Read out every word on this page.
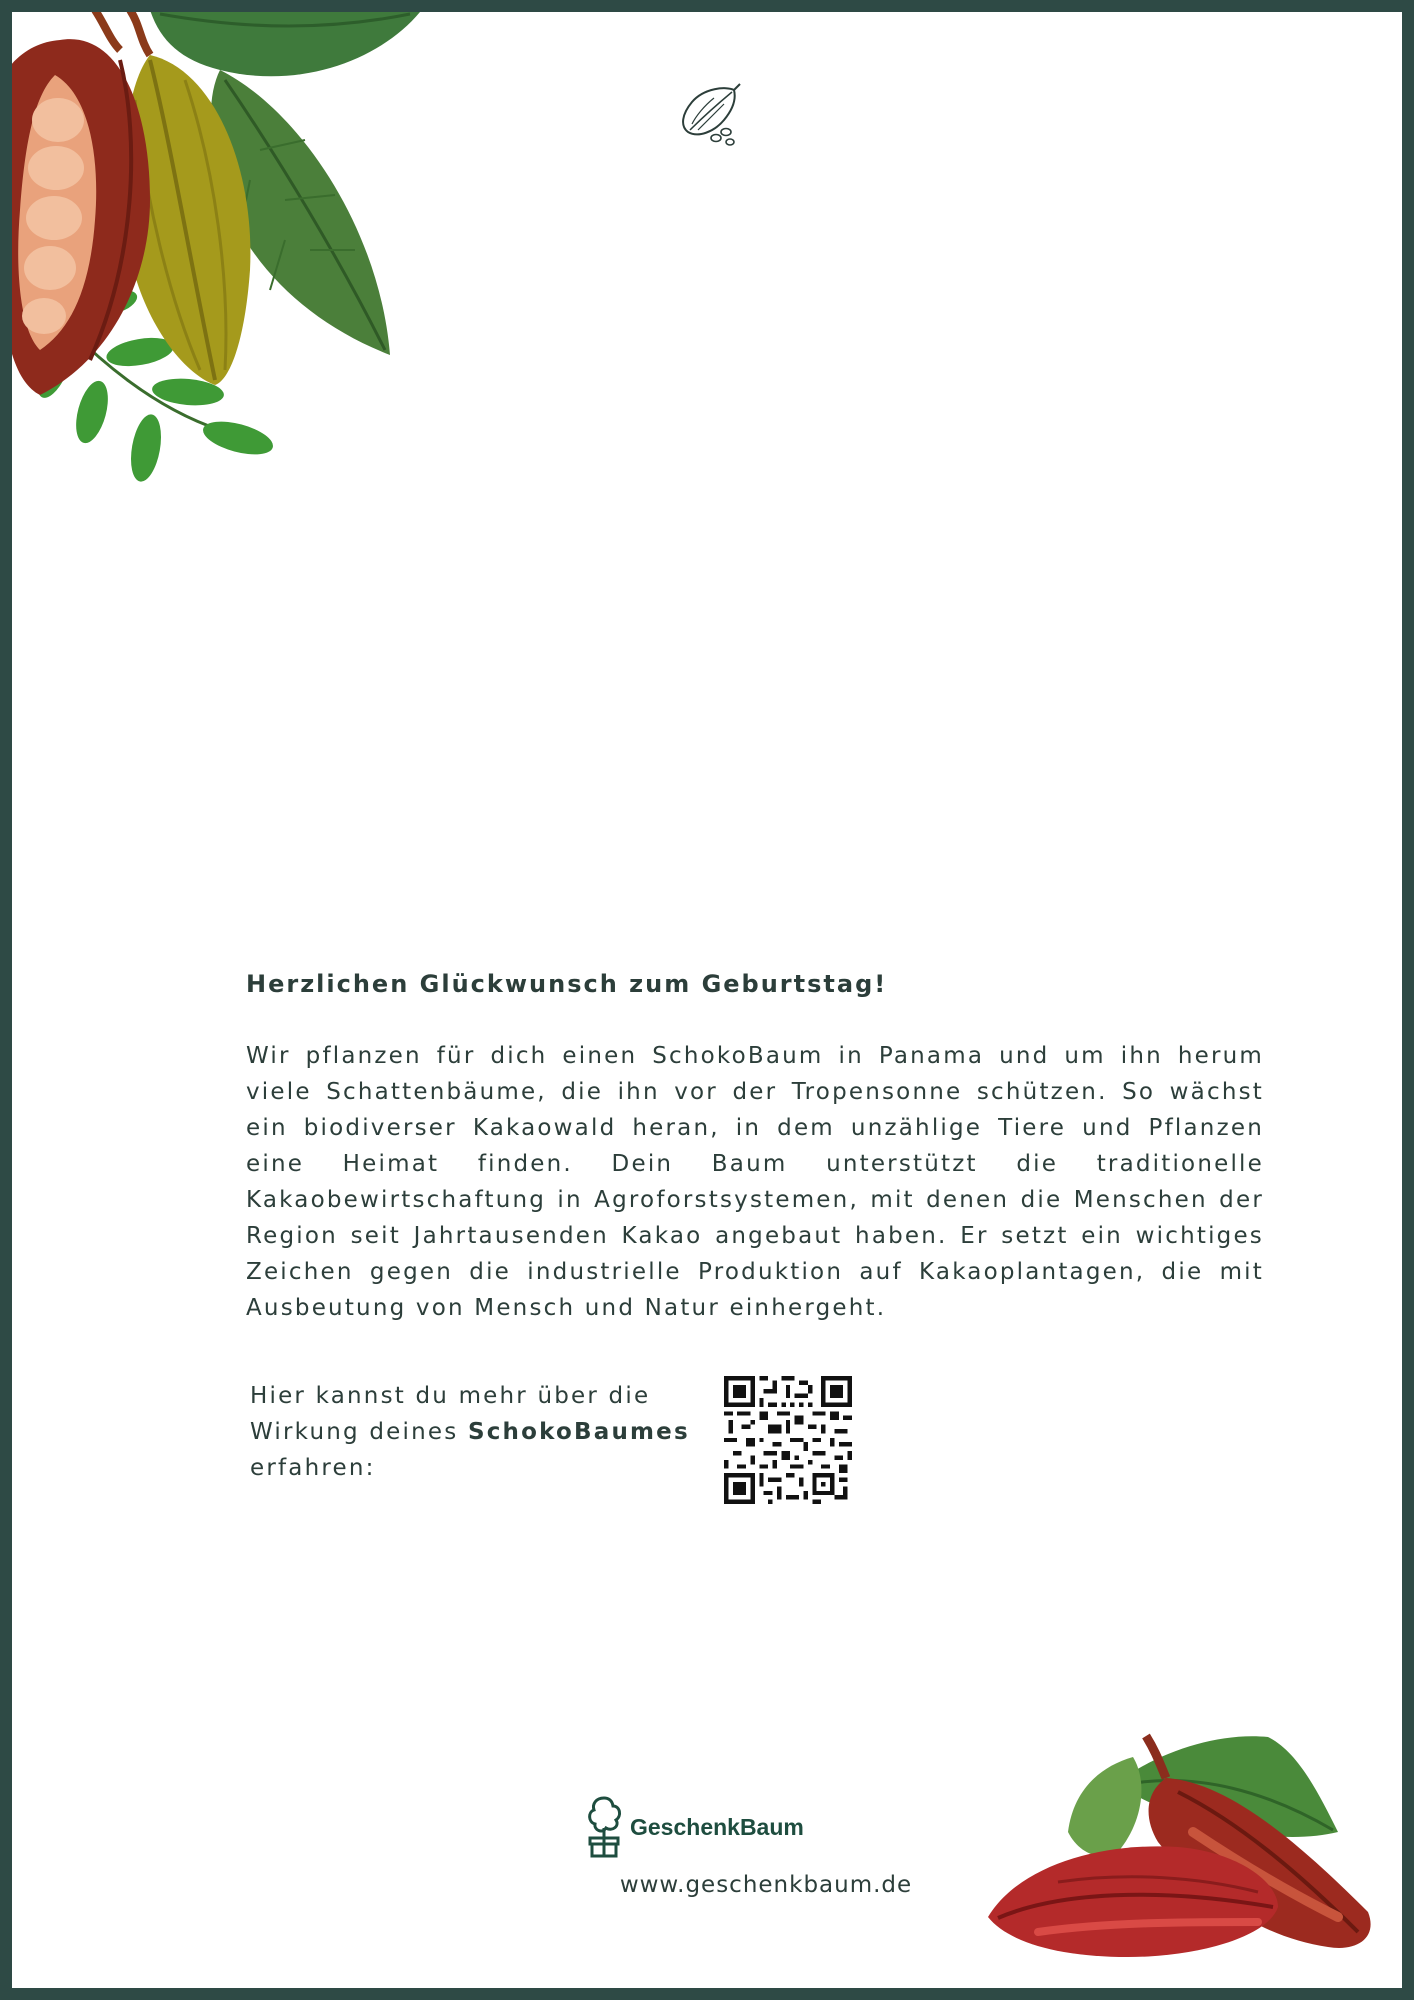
Herzlichen Glückwunsch zum Geburtstag!

Wir pflanzen für dich einen SchokoBaum in Panama und um ihn herum viele Schattenbäume, die ihn vor der Tropensonne schützen. So wächst ein biodiverser Kakaowald heran, in dem unzählige Tiere und Pflanzen eine Heimat finden. Dein Baum unterstützt die traditionelle Kakaobewirtschaftung in Agroforstsystemen, mit denen die Menschen der Region seit Jahrtausenden Kakao angebaut haben. Er setzt ein wichtiges Zeichen gegen die industrielle Produktion auf Kakaoplantagen, die mit Ausbeutung von Mensch und Natur einhergeht.

Hier kannst du mehr über die Wirkung deines SchokoBaumes erfahren:

GeschenkBaum
www.geschenkbaum.de
